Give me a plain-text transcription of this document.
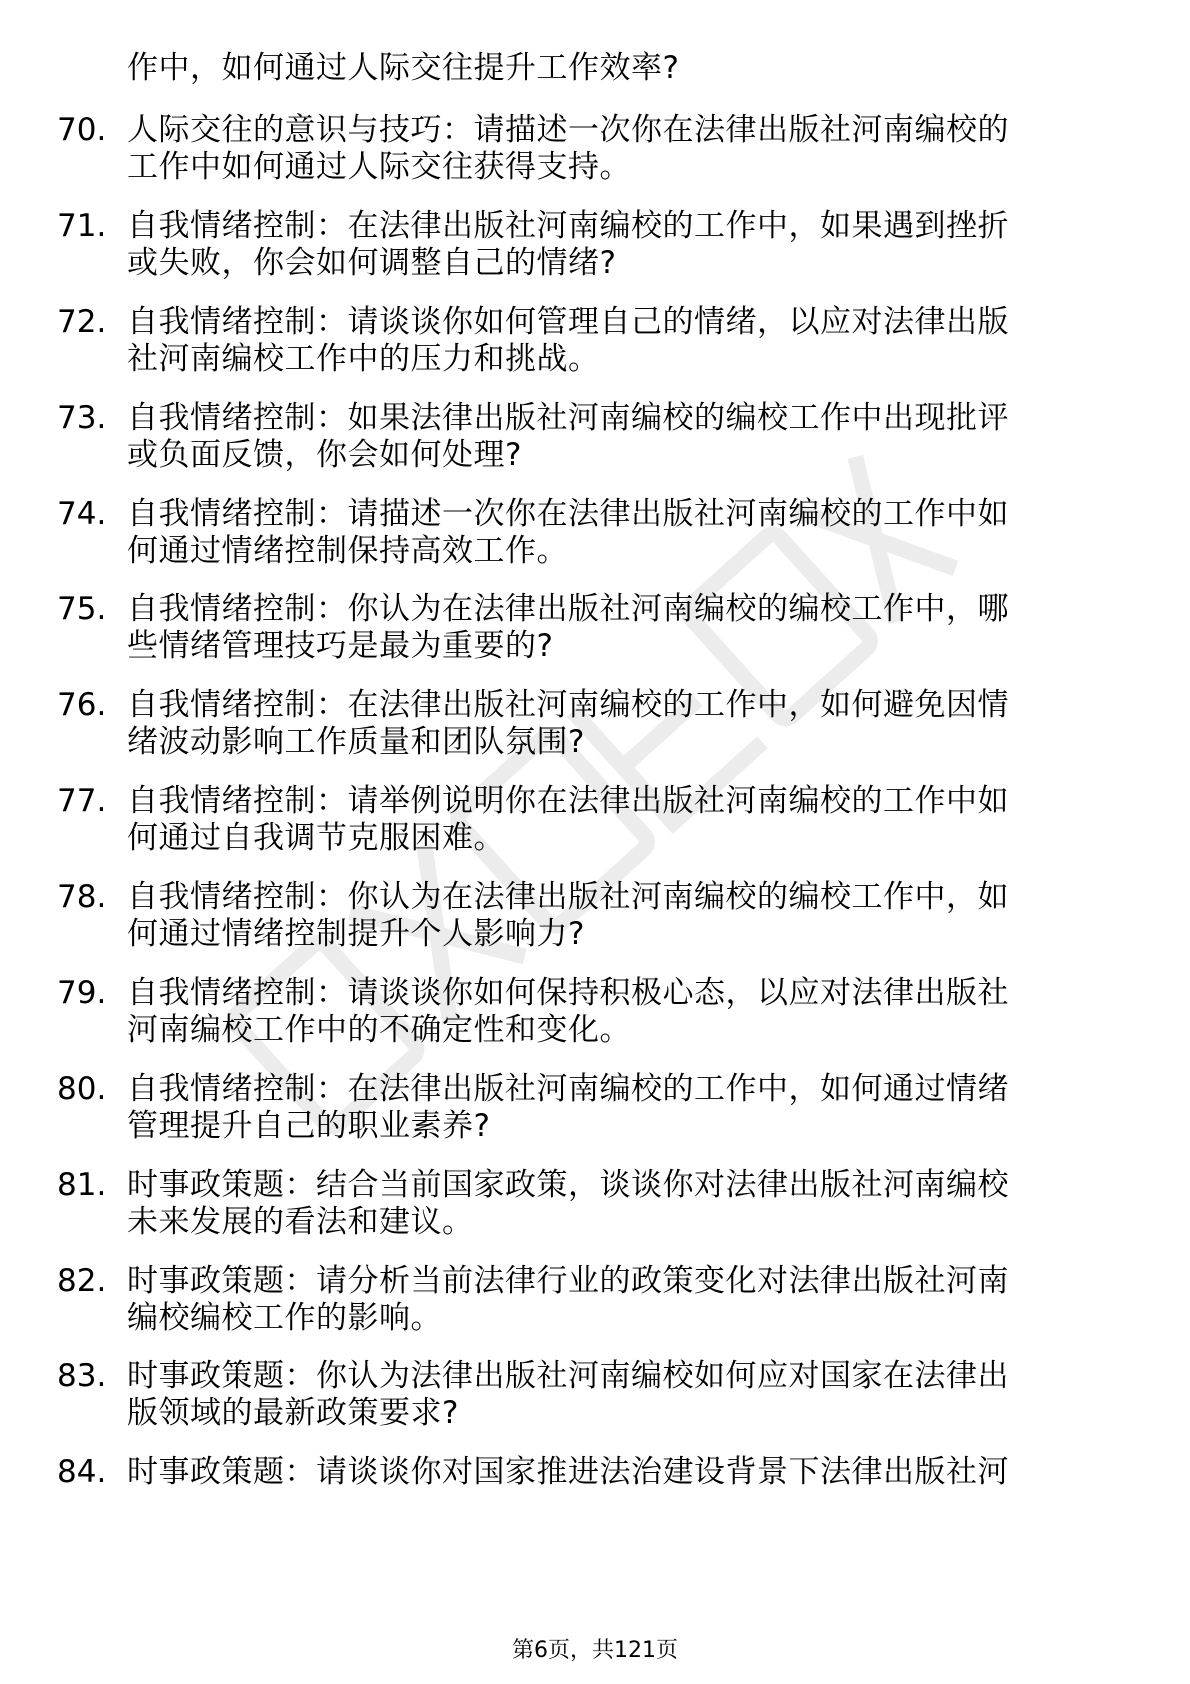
作中，如何通过人际交往提升工作效率?
70. 人际交往的意识与技巧：请描述一次你在法律出版社河南编校的
工作中如何通过人际交往获得支持。
71. 自我情绪控制：在法律出版社河南编校的工作中，如果遇到挫折
或失败，你会如何调整自己的情绪?
72. 自我情绪控制：请谈谈你如何管理自己的情绪，以应对法律出版
社河南编校工作中的压力和挑战。
73. 自我情绪控制：如果法律出版社河南编校的编校工作中出现批评
或负面反馈，你会如何处理?
74. 自我情绪控制：请描述一次你在法律出版社河南编校的工作中如
何通过情绪控制保持高效工作。
75. 自我情绪控制：你认为在法律出版社河南编校的编校工作中，哪
些情绪管理技巧是最为重要的?
76. 自我情绪控制：在法律出版社河南编校的工作中，如何避免因情
绪波动影响工作质量和团队氛围?
77. 自我情绪控制：请举例说明你在法律出版社河南编校的工作中如
何通过自我调节克服困难。
78. 自我情绪控制：你认为在法律出版社河南编校的编校工作中，如
何通过情绪控制提升个人影响力?
79. 自我情绪控制：请谈谈你如何保持积极心态，以应对法律出版社
河南编校工作中的不确定性和变化。
80. 自我情绪控制：在法律出版社河南编校的工作中，如何通过情绪
管理提升自己的职业素养?
81. 时事政策题：结合当前国家政策，谈谈你对法律出版社河南编校
未来发展的看法和建议。
82. 时事政策题：请分析当前法律行业的政策变化对法律出版社河南
编校编校工作的影响。
83. 时事政策题：你认为法律出版社河南编校如何应对国家在法律出
版领域的最新政策要求?
84. 时事政策题：请谈谈你对国家推进法治建设背景下法律出版社河
第6页，共121页
